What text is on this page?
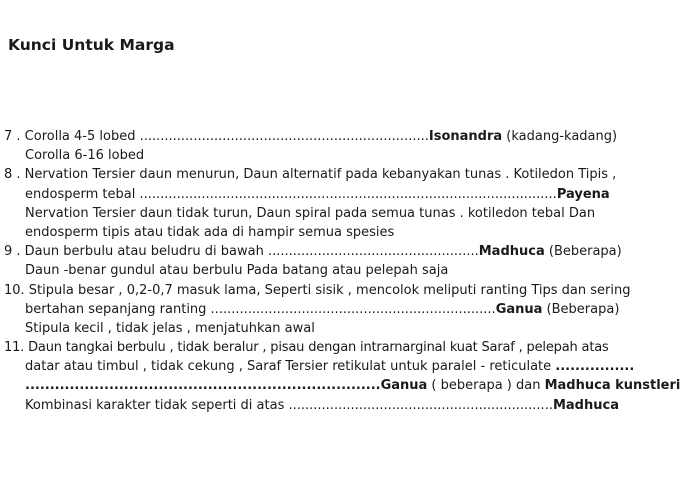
Kunci Untuk Marga
7 . Corolla 4-5 lobed ......................................................................Isonandra (kadang-kadang)
Corolla 6-16 lobed
8 . Nervation Tersier daun menurun, Daun alternatif pada kebanyakan tunas . Kotiledon Tipis ,
endosperm tebal .....................................................................................................Payena
Nervation Tersier daun tidak turun, Daun spiral pada semua tunas . kotiledon tebal Dan
endosperm tipis atau tidak ada di hampir semua spesies
9 . Daun berbulu atau beludru di bawah ...................................................Madhuca (Beberapa)
Daun -benar gundul atau berbulu Pada batang atau pelepah saja
10. Stipula besar , 0,2-0,7 masuk lama, Seperti sisik , mencolok meliputi ranting Tips dan sering
bertahan sepanjang ranting .....................................................................Ganua (Beberapa)
Stipula kecil , tidak jelas , menjatuhkan awal
11. Daun tangkai berbulu , tidak beralur , pisau dengan intrarnarginal kuat Saraf , pelepah atas
datar atau timbul , tidak cekung , Saraf Tersier retikulat untuk paralel - reticulate ................
........................................................................Ganua ( beberapa ) dan Madhuca kunstleri
Kombinasi karakter tidak seperti di atas ................................................................Madhuca
